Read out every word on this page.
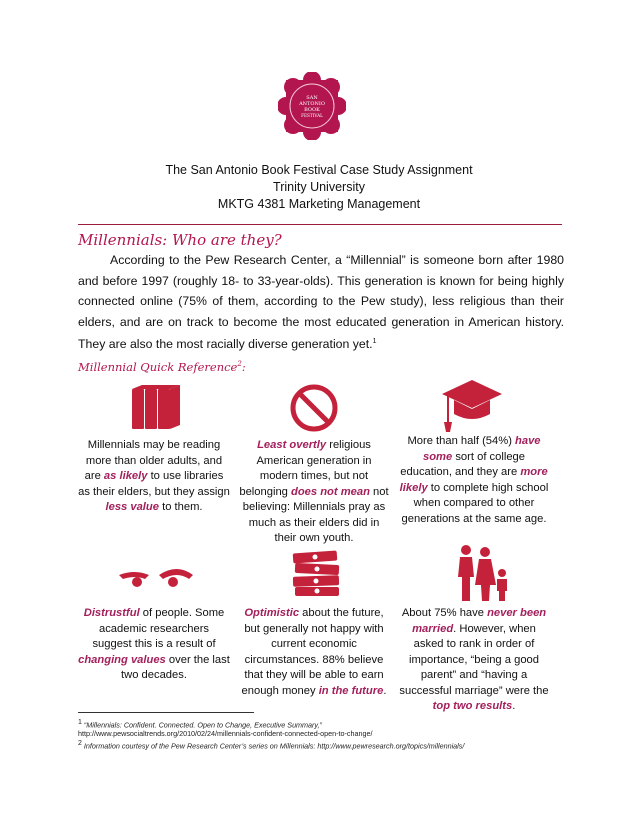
SAN
ANTONIO
BOOK
FESTIVAL
The San Antonio Book Festival Case Study Assignment
Trinity University
MKTG 4381 Marketing Management
Millennials: Who are they?
According to the Pew Research Center, a “Millennial” is someone born after 1980 and before 1997 (roughly 18- to 33-year-olds). This generation is known for being highly connected online (75% of them, according to the Pew study), less religious than their elders, and are on track to become the most educated generation in American history. They are also the most racially diverse generation yet.$^1$
Millennial Quick Reference$^2$:
Millennials may be reading more than older adults, and are as likely to use libraries as their elders, but they assign less value to them.
Least overtly religious American generation in modern times, but not belonging does not mean not believing: Millennials pray as much as their elders did in their own youth.
More than half (54%) have some sort of college education, and they are more likely to complete high school when compared to other generations at the same age.
Distrustful of people. Some academic researchers suggest this is a result of changing values over the last two decades.
Optimistic about the future, but generally not happy with current economic circumstances. 88% believe that they will be able to earn enough money in the future.
About 75% have never been married. However, when asked to rank in order of importance, “being a good parent” and “having a successful marriage” were the top two results.
$^1$ “Millennials: Confident. Connected. Open to Change, Executive Summary,”
http://www.pewsocialtrends.org/2010/02/24/millennials-confident-connected-open-to-change/
$^2$ Information courtesy of the Pew Research Center’s series on Millennials: http://www.pewresearch.org/topics/millennials/
